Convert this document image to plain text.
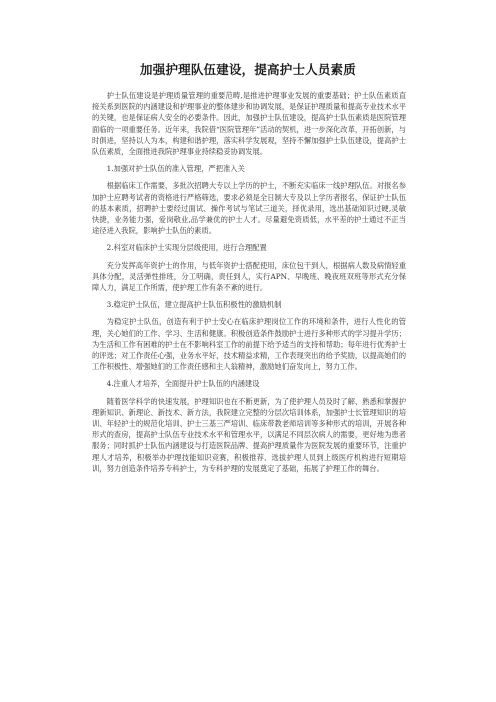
加强护理队伍建设，提高护士人员素质

护士队伍建设是护理质量管理的重要范畴,是推进护理事业发展的重要基础；护士队伍素质直接关系到医院的内涵建设和护理事业的整体建步和协调发展，是保证护理质量和提高专业技术水平的关键，也是保证病人安全的必要条件。因此，加强护士队伍建设，提高护士队伍素质是医院管理面临的一项重要任务。近年来，我院借“医院管理年”活动的契机，进一步深化改革，开拓创新，与时俱进，坚持以人为本，构建和谐护理，落实科学发展观，坚持不懈加强护士队伍建设，提高护士队伍素质，全面推进我院护理事业持续稳妥协调发展。

1.加强对护士队伍的准入管理，严把准入关

根据临床工作需要，多批次招聘大专以上学历的护士，不断充实临床一线护理队伍。对报名参加护士应聘考试者的资格进行严格筛选，要求必须是全日制大专及以上学历者报名，保证护士队伍的基本素质，招聘护士要经过面试、操作考试与笔试三道关，择优录用，选出基础知识过硬,灵敏快捷，业务能力强，爱岗敬业,品学兼优的护士人才。尽量避免资质低，水平差的护士通过不正当途径进入我院，影响护士队伍的素质。

2.科室对临床护士实现分层级使用，进行合理配置

充分发挥高年资护士的作用，与低年资护士搭配使用，床位包干到人，根据病人数及病情轻重具体分配，灵活弹性排班，分工明确，责任到人，实行APN、早晚班、晚夜班双班等形式充分保障人力，满足工作所需，使护理工作有条不紊的进行。

3.稳定护士队伍，建立提高护士队伍积极性的激励机制

为稳定护士队伍，创造有利于护士安心在临床护理岗位工作的环境和条件，进行人性化的管理，关心她们的工作、学习、生活和健康。积极创造条件鼓励护士进行多种形式的学习提升学历；为生活和工作有困难的护士在不影响科室工作的前提下给予适当的支持和帮助；每年进行优秀护士的评选；对工作责任心强，业务水平好，技术精益求精，工作表现突出的给予奖励，以提高她们的工作积极性、增强她们的工作责任感和主人翁精神，激励她们奋发向上，努力工作。

4.注重人才培养，全面提升护士队伍的内涵建设

随着医学科学的快速发展，护理知识也在不断更新，为了使护理人员及时了解、熟悉和掌握护理新知识、新理论、新技术、新方法，我院建立完整的分层次培训体系，加强护士长管理知识的培训、年轻护士的规范化培训、护士三基三严培训、临床带教老师培训等多种形式的培训，开展各种形式的查房，提高护士队伍专业技术水平和管理水平，以满足不同层次病人的需要，更好地为患者服务；同时抓护士队伍内涵建设与打造医院品牌、提高护理质量作为医院发展的重要环节，注重护理人才培养，积极举办护理技能知识竞赛，积极推荐、选拔护理人员到上级医疗机构进行短期培训，努力创造条件培养专科护士，为专科护理的发展奠定了基础，拓展了护理工作的舞台。
